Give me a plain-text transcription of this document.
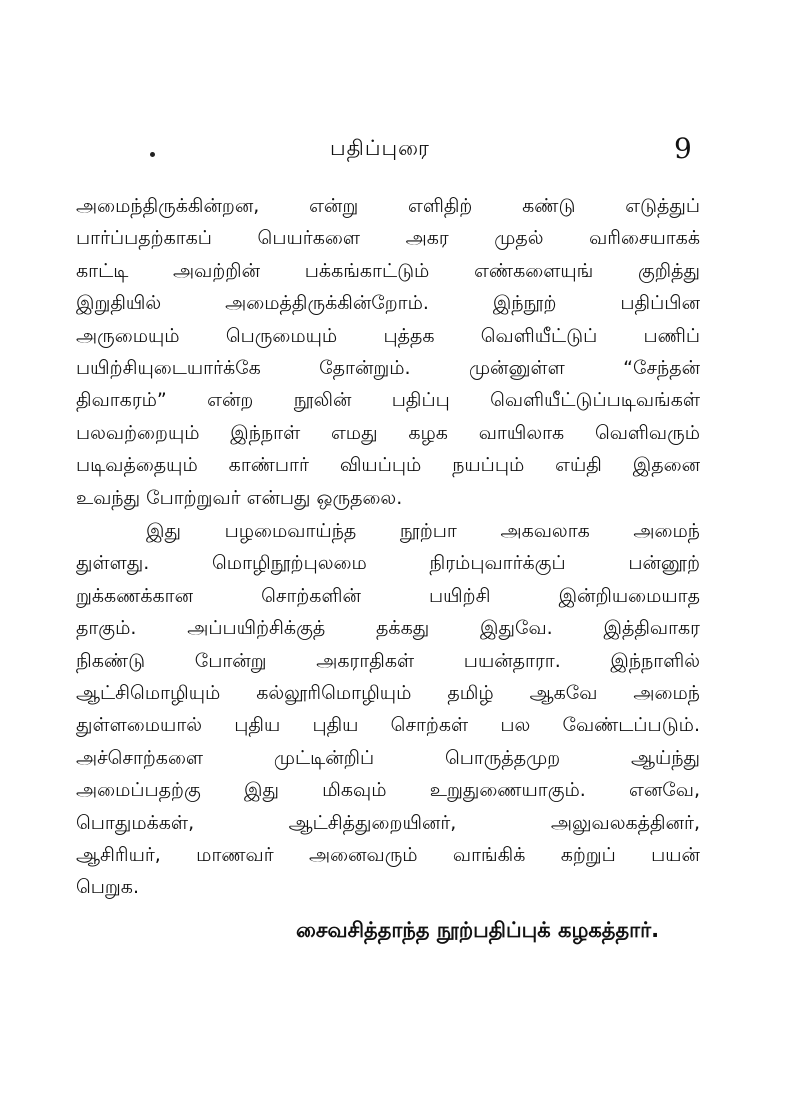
பதிப்புரை	9
அமைந்திருக்கின்றன, என்று எளிதிற் கண்டு எடுத்துப்
பார்ப்பதற்காகப் பெயர்களை அகர முதல் வரிசையாகக்
காட்டி அவற்றின் பக்கங்காட்டும் எண்களையுங் குறித்து
இறுதியில் அமைத்திருக்கின்றோம். இந்நூற் பதிப்பின
அருமையும் பெருமையும் புத்தக வெளியீட்டுப் பணிப்
பயிற்சியுடையார்க்கே தோன்றும். முன்னுள்ள “சேந்தன்
திவாகரம்” என்ற நூலின் பதிப்பு வெளியீட்டுப்படிவங்கள்
பலவற்றையும் இந்நாள் எமது கழக வாயிலாக வெளிவரும்
படிவத்தையும் காண்பார் வியப்பும் நயப்பும் எய்தி இதனை
உவந்து போற்றுவர் என்பது ஒருதலை.
இது பழமைவாய்ந்த நூற்பா அகவலாக அமைந்
துள்ளது. மொழிநூற்புலமை நிரம்புவார்க்குப் பன்னூற்
றுக்கணக்கான சொற்களின் பயிற்சி இன்றியமையாத
தாகும். அப்பயிற்சிக்குத் தக்கது இதுவே. இத்திவாகர
நிகண்டு போன்று அகராதிகள் பயன்தாரா. இந்நாளில்
ஆட்சிமொழியும் கல்லூரிமொழியும் தமிழ் ஆகவே அமைந்
துள்ளமையால் புதிய புதிய சொற்கள் பல வேண்டப்படும்.
அச்சொற்களை முட்டின்றிப் பொருத்தமுற ஆய்ந்து
அமைப்பதற்கு இது மிகவும் உறுதுணையாகும். எனவே,
பொதுமக்கள், ஆட்சித்துறையினர், அலுவலகத்தினர்,
ஆசிரியர், மாணவர் அனைவரும் வாங்கிக் கற்றுப் பயன்
பெறுக.
சைவசித்தாந்த நூற்பதிப்புக் கழகத்தார்.
